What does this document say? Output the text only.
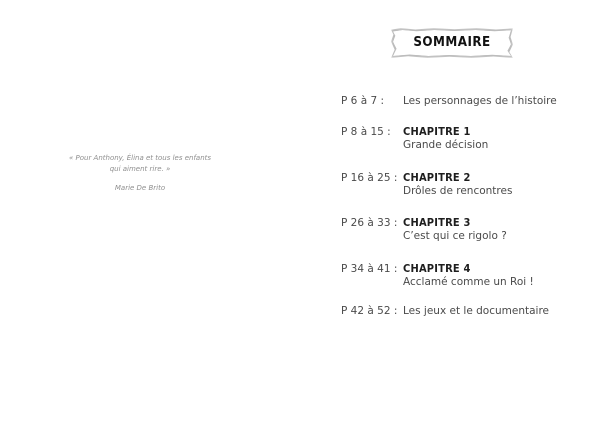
« Pour Anthony, Élina et tous les enfants
qui aiment rire. »
Marie De Brito
SOMMAIRE
P 6 à 7 :	Les personnages de l’histoire
P 8 à 15 :	CHAPITRE 1
Grande décision
P 16 à 25 : CHAPITRE 2
Drôles de rencontres
P 26 à 33 : CHAPITRE 3
C’est qui ce rigolo ?
P 34 à 41 : CHAPITRE 4
Acclamé comme un Roi !
P 42 à 52 : Les jeux et le documentaire
